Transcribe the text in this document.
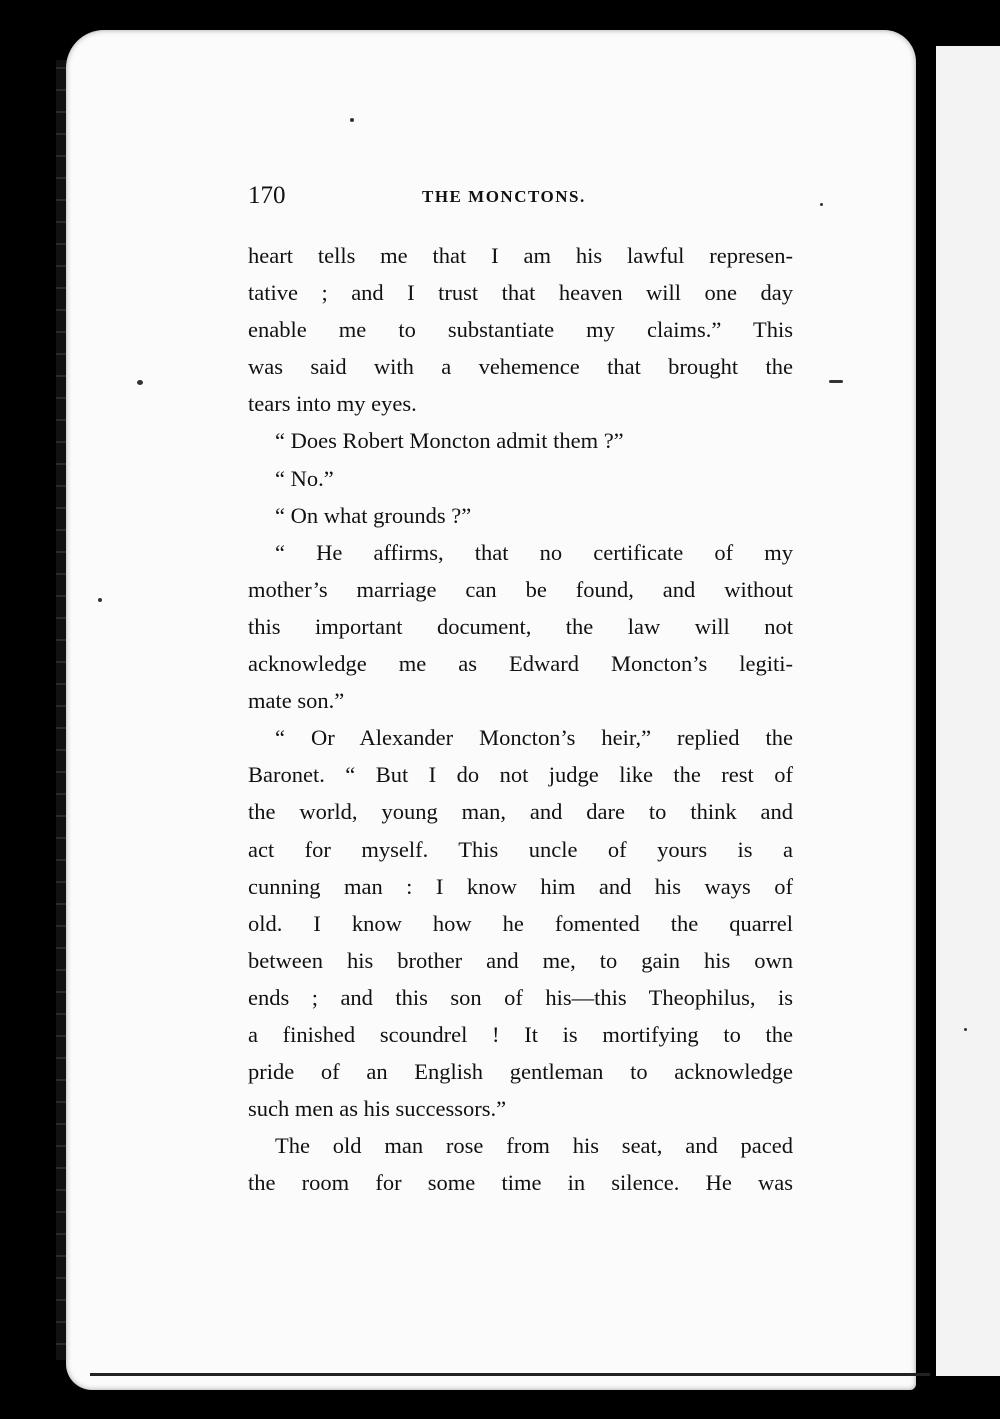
170	THE MONCTONS.
heart tells me that I am his lawful represen-
tative ; and I trust that heaven will one day
enable me to substantiate my claims.” This
was said with a vehemence that brought the
tears into my eyes.
“ Does Robert Moncton admit them ?”
“ No.”
“ On what grounds ?”
“ He affirms, that no certificate of my
mother’s marriage can be found, and without
this important document, the law will not
acknowledge me as Edward Moncton’s legiti-
mate son.”
“ Or Alexander Moncton’s heir,” replied the
Baronet. “ But I do not judge like the rest of
the world, young man, and dare to think and
act for myself. This uncle of yours is a
cunning man : I know him and his ways of
old. I know how he fomented the quarrel
between his brother and me, to gain his own
ends ; and this son of his—this Theophilus, is
a finished scoundrel ! It is mortifying to the
pride of an English gentleman to acknowledge
such men as his successors.”
The old man rose from his seat, and paced
the room for some time in silence. He was
